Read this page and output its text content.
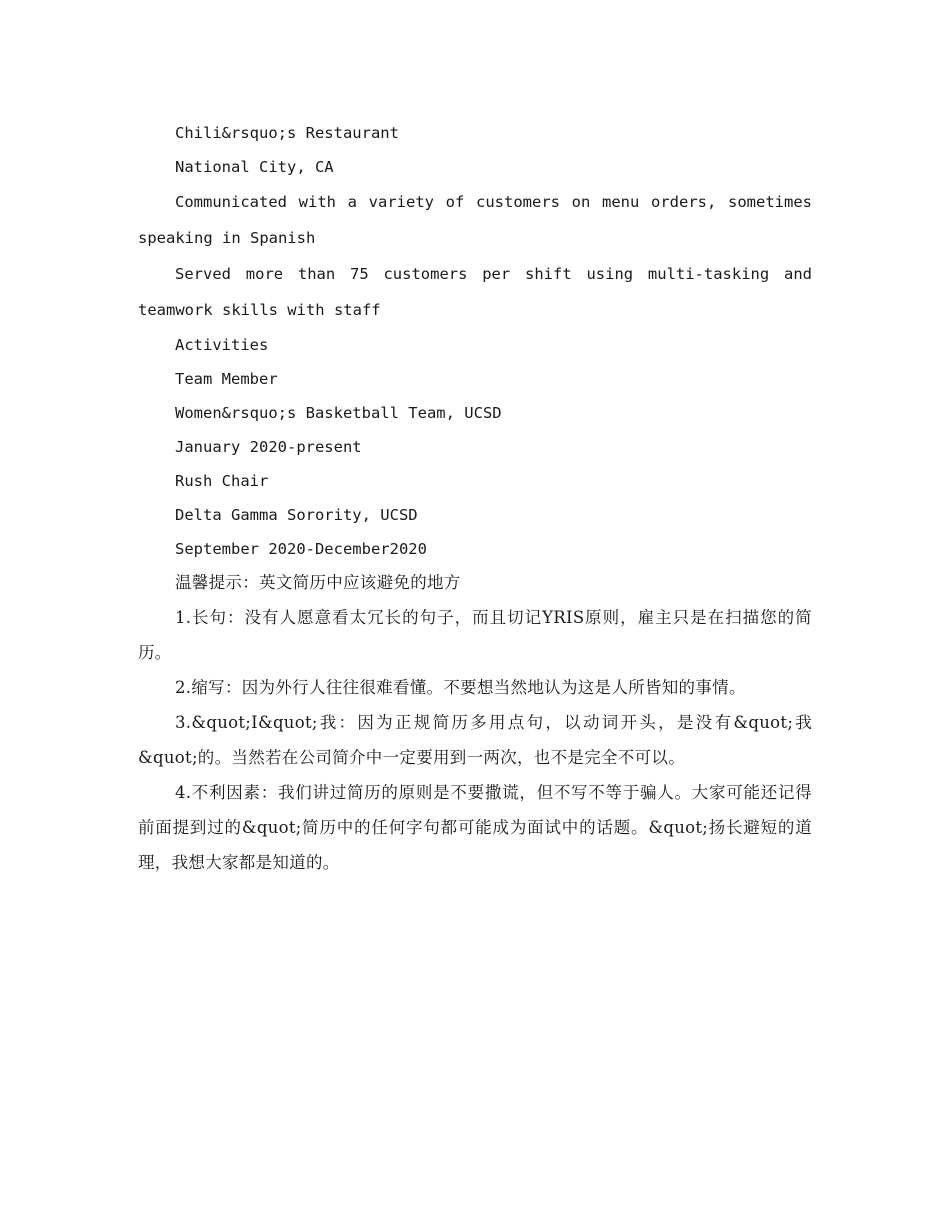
Chili&rsquo;s Restaurant

National City, CA

Communicated with a variety of customers on menu orders, sometimes speaking in Spanish

Served more than 75 customers per shift using multi-tasking and teamwork skills with staff

Activities

Team Member

Women&rsquo;s Basketball Team, UCSD

January 2020-present

Rush Chair

Delta Gamma Sorority, UCSD

September 2020-December2020

温馨提示：英文简历中应该避免的地方

1.长句：没有人愿意看太冗长的句子，而且切记YRIS原则，雇主只是在扫描您的简历。

2.缩写：因为外行人往往很难看懂。不要想当然地认为这是人所皆知的事情。

3.&quot;I&quot;我：因为正规简历多用点句，以动词开头，是没有&quot;我&quot;的。当然若在公司简介中一定要用到一两次，也不是完全不可以。

4.不利因素：我们讲过简历的原则是不要撒谎，但不写不等于骗人。大家可能还记得前面提到过的&quot;简历中的任何字句都可能成为面试中的话题。&quot;扬长避短的道理，我想大家都是知道的。
